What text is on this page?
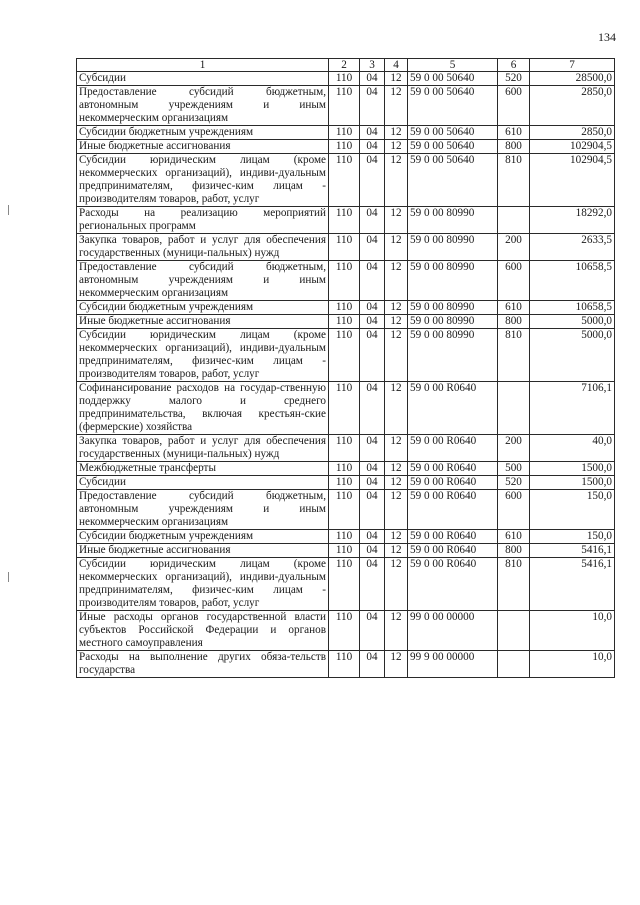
134
1	2	3	4	5	6	7
Субсидии	110	04	12	59 0 00 50640	520	28500,0
Предоставление субсидий бюджетным, автономным учреждениям и иным некоммерческим организациям	110	04	12	59 0 00 50640	600	2850,0
Субсидии бюджетным учреждениям	110	04	12	59 0 00 50640	610	2850,0
Иные бюджетные ассигнования	110	04	12	59 0 00 50640	800	102904,5
Субсидии юридическим лицам (кроме некоммерческих организаций), индиви-дуальным предпринимателям, физичес-ким лицам - производителям товаров, работ, услуг	110	04	12	59 0 00 50640	810	102904,5
Расходы на реализацию мероприятий региональных программ	110	04	12	59 0 00 80990		18292,0
Закупка товаров, работ и услуг для обеспечения государственных (муници-пальных) нужд	110	04	12	59 0 00 80990	200	2633,5
Предоставление субсидий бюджетным, автономным учреждениям и иным некоммерческим организациям	110	04	12	59 0 00 80990	600	10658,5
Субсидии бюджетным учреждениям	110	04	12	59 0 00 80990	610	10658,5
Иные бюджетные ассигнования	110	04	12	59 0 00 80990	800	5000,0
Субсидии юридическим лицам (кроме некоммерческих организаций), индиви-дуальным предпринимателям, физичес-ким лицам - производителям товаров, работ, услуг	110	04	12	59 0 00 80990	810	5000,0
Софинансирование расходов на государ-ственную поддержку малого и среднего предпринимательства, включая крестьян-ские (фермерские) хозяйства	110	04	12	59 0 00 R0640		7106,1
Закупка товаров, работ и услуг для обеспечения государственных (муници-пальных) нужд	110	04	12	59 0 00 R0640	200	40,0
Межбюджетные трансферты	110	04	12	59 0 00 R0640	500	1500,0
Субсидии	110	04	12	59 0 00 R0640	520	1500,0
Предоставление субсидий бюджетным, автономным учреждениям и иным некоммерческим организациям	110	04	12	59 0 00 R0640	600	150,0
Субсидии бюджетным учреждениям	110	04	12	59 0 00 R0640	610	150,0
Иные бюджетные ассигнования	110	04	12	59 0 00 R0640	800	5416,1
Субсидии юридическим лицам (кроме некоммерческих организаций), индиви-дуальным предпринимателям, физичес-ким лицам - производителям товаров, работ, услуг	110	04	12	59 0 00 R0640	810	5416,1
Иные расходы органов государственной власти субъектов Российской Федерации и органов местного самоуправления	110	04	12	99 0 00 00000		10,0
Расходы на выполнение других обяза-тельств государства	110	04	12	99 9 00 00000		10,0
